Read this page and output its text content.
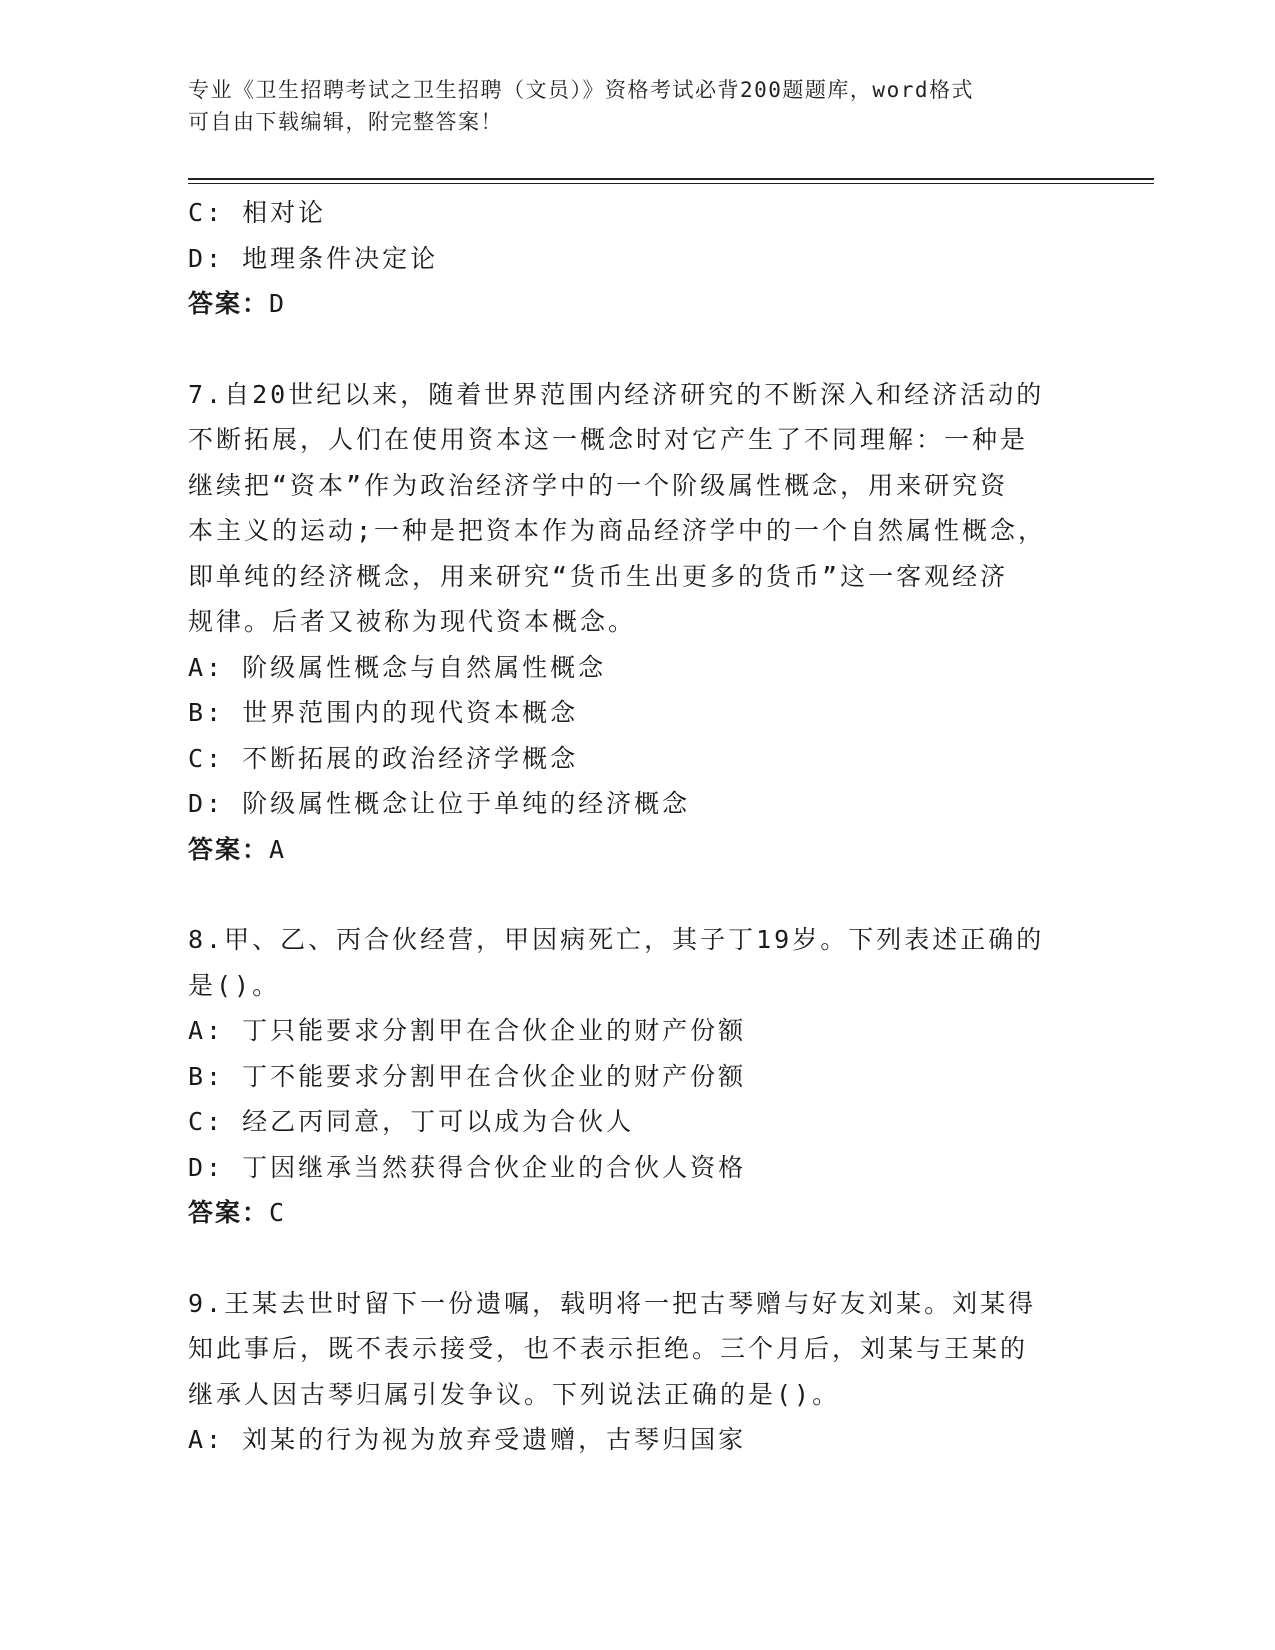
专业《卫生招聘考试之卫生招聘（文员）》资格考试必背200题题库，word格式
可自由下载编辑，附完整答案！
C: 相对论
D: 地理条件决定论
答案：D
7.自20世纪以来，随着世界范围内经济研究的不断深入和经济活动的
不断拓展，人们在使用资本这一概念时对它产生了不同理解：一种是
继续把“资本”作为政治经济学中的一个阶级属性概念，用来研究资
本主义的运动;一种是把资本作为商品经济学中的一个自然属性概念，
即单纯的经济概念，用来研究“货币生出更多的货币”这一客观经济
规律。后者又被称为现代资本概念。
A: 阶级属性概念与自然属性概念
B: 世界范围内的现代资本概念
C: 不断拓展的政治经济学概念
D: 阶级属性概念让位于单纯的经济概念
答案：A
8.甲、乙、丙合伙经营，甲因病死亡，其子丁19岁。下列表述正确的
是()。
A: 丁只能要求分割甲在合伙企业的财产份额
B: 丁不能要求分割甲在合伙企业的财产份额
C: 经乙丙同意，丁可以成为合伙人
D: 丁因继承当然获得合伙企业的合伙人资格
答案：C
9.王某去世时留下一份遗嘱，载明将一把古琴赠与好友刘某。刘某得
知此事后，既不表示接受，也不表示拒绝。三个月后，刘某与王某的
继承人因古琴归属引发争议。下列说法正确的是()。
A: 刘某的行为视为放弃受遗赠，古琴归国家
